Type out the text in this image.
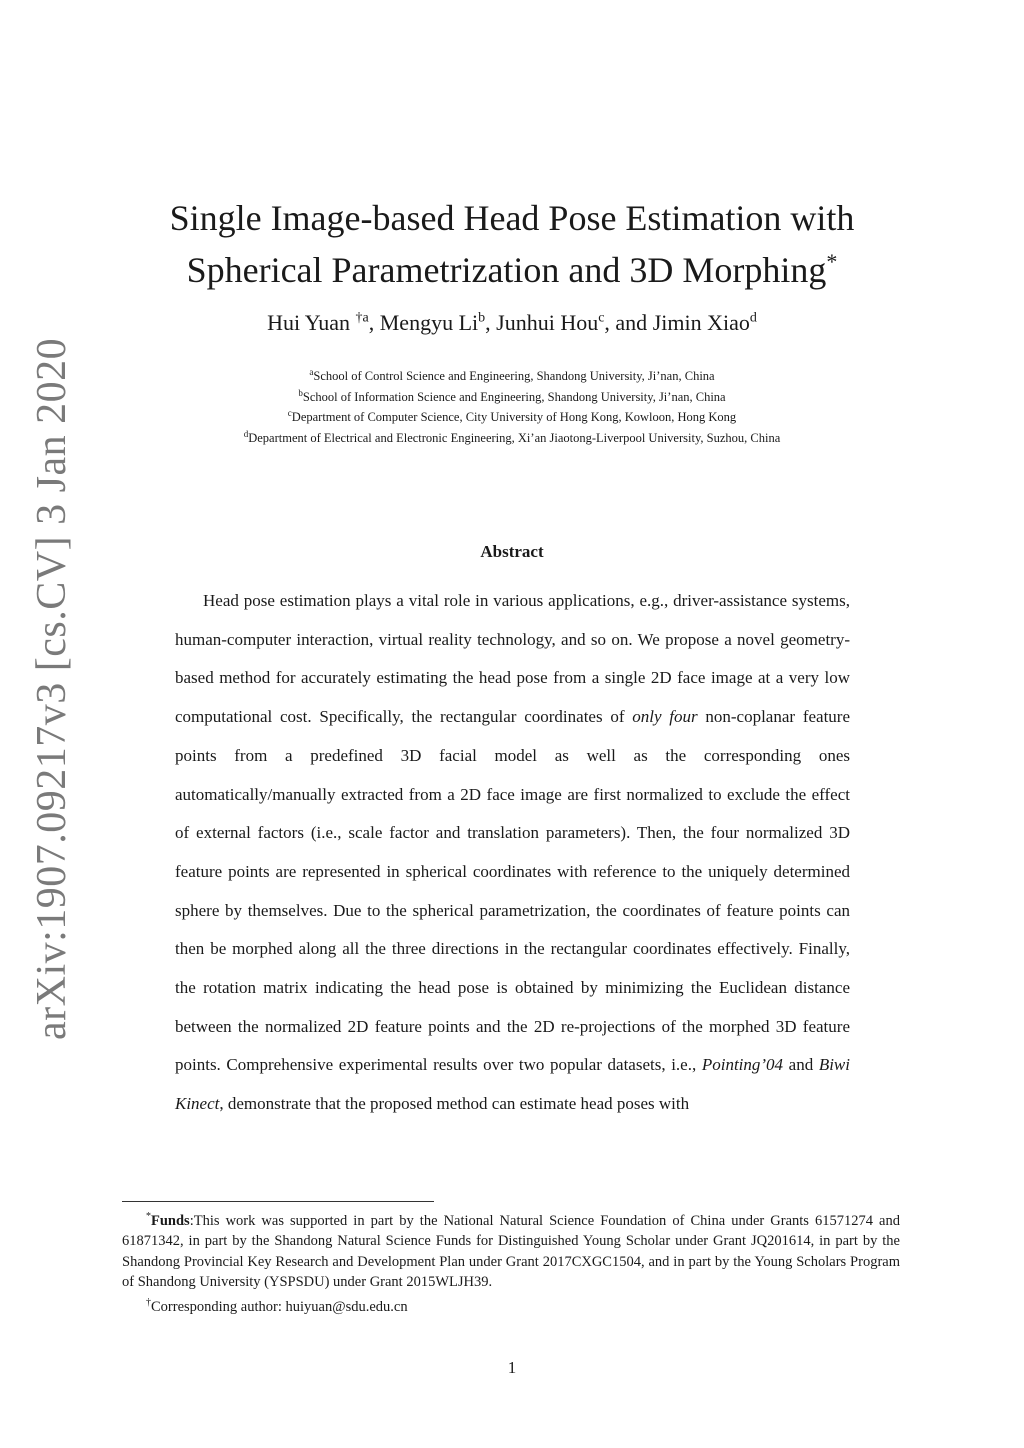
arXiv:1907.09217v3 [cs.CV] 3 Jan 2020
Single Image-based Head Pose Estimation with
Spherical Parametrization and 3D Morphing*
Hui Yuan $^{\dagger a}$, Mengyu Li$^b$, Junhui Hou$^c$, and Jimin Xiao$^d$
$^a$School of Control Science and Engineering, Shandong University, Ji’nan, China
$^b$School of Information Science and Engineering, Shandong University, Ji’nan, China
$^c$Department of Computer Science, City University of Hong Kong, Kowloon, Hong Kong
$^d$Department of Electrical and Electronic Engineering, Xi’an Jiaotong-Liverpool University, Suzhou, China
Abstract

Head pose estimation plays a vital role in various applications, e.g., driver-assistance systems, human-computer interaction, virtual reality technology, and so on. We propose a novel geometry-based method for accurately estimating the head pose from a single 2D face image at a very low computational cost. Specifically, the rectangular coordinates of only four non-coplanar feature points from a predefined 3D facial model as well as the corresponding ones automatically/manually extracted from a 2D face image are first normalized to exclude the effect of external factors (i.e., scale factor and translation parameters). Then, the four normalized 3D feature points are represented in spherical coordinates with reference to the uniquely determined sphere by themselves. Due to the spherical parametrization, the coordinates of feature points can then be morphed along all the three directions in the rectangular coordinates effectively. Finally, the rotation matrix indicating the head pose is obtained by minimizing the Euclidean distance between the normalized 2D feature points and the 2D re-projections of the morphed 3D feature points. Comprehensive experimental results over two popular datasets, i.e., Pointing’04 and Biwi Kinect, demonstrate that the proposed method can estimate head poses with

*Funds:This work was supported in part by the National Natural Science Foundation of China under Grants 61571274 and 61871342, in part by the Shandong Natural Science Funds for Distinguished Young Scholar under Grant JQ201614, in part by the Shandong Provincial Key Research and Development Plan under Grant 2017CXGC1504, and in part by the Young Scholars Program of Shandong University (YSPSDU) under Grant 2015WLJH39.

†Corresponding author: huiyuan@sdu.edu.cn

1
